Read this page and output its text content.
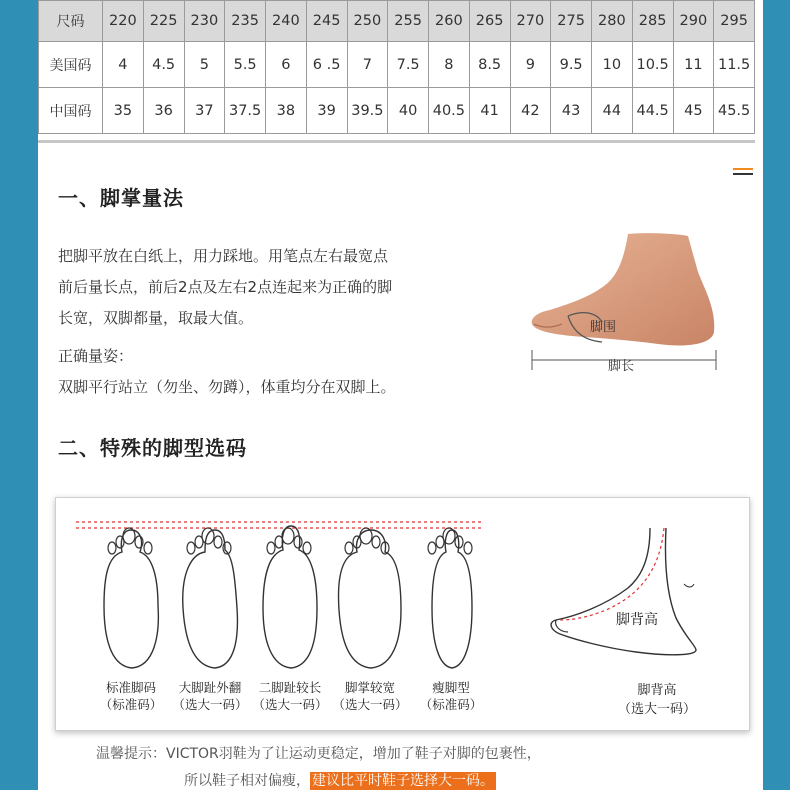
尺码	220	225	230	235	240	245	250	255	260	265	270	275	280	285	290	295
美国码	4	4.5	5	5.5	6	6 .5	7	7.5	8	8.5	9	9.5	10	10.5	11	11.5
中国码	35	36	37	37.5	38	39	39.5	40	40.5	41	42	43	44	44.5	45	45.5
一、脚掌量法
把脚平放在白纸上，用力踩地。用笔点左右最宽点
前后量长点，前后2点及左右2点连起来为正确的脚
长宽，双脚都量，取最大值。
正确量姿：
双脚平行站立（勿坐、勿蹲），体重均分在双脚上。
脚围
脚长
二、特殊的脚型选码
标准脚码
（标准码）
大脚趾外翻
（选大一码）
二脚趾较长
（选大一码）
脚掌较宽
（选大一码）
瘦脚型
（标准码）
脚背高
脚背高
（选大一码）
温馨提示：VICTOR羽鞋为了让运动更稳定，增加了鞋子对脚的包裹性，
所以鞋子相对偏瘦， 建议比平时鞋子选择大一码。
